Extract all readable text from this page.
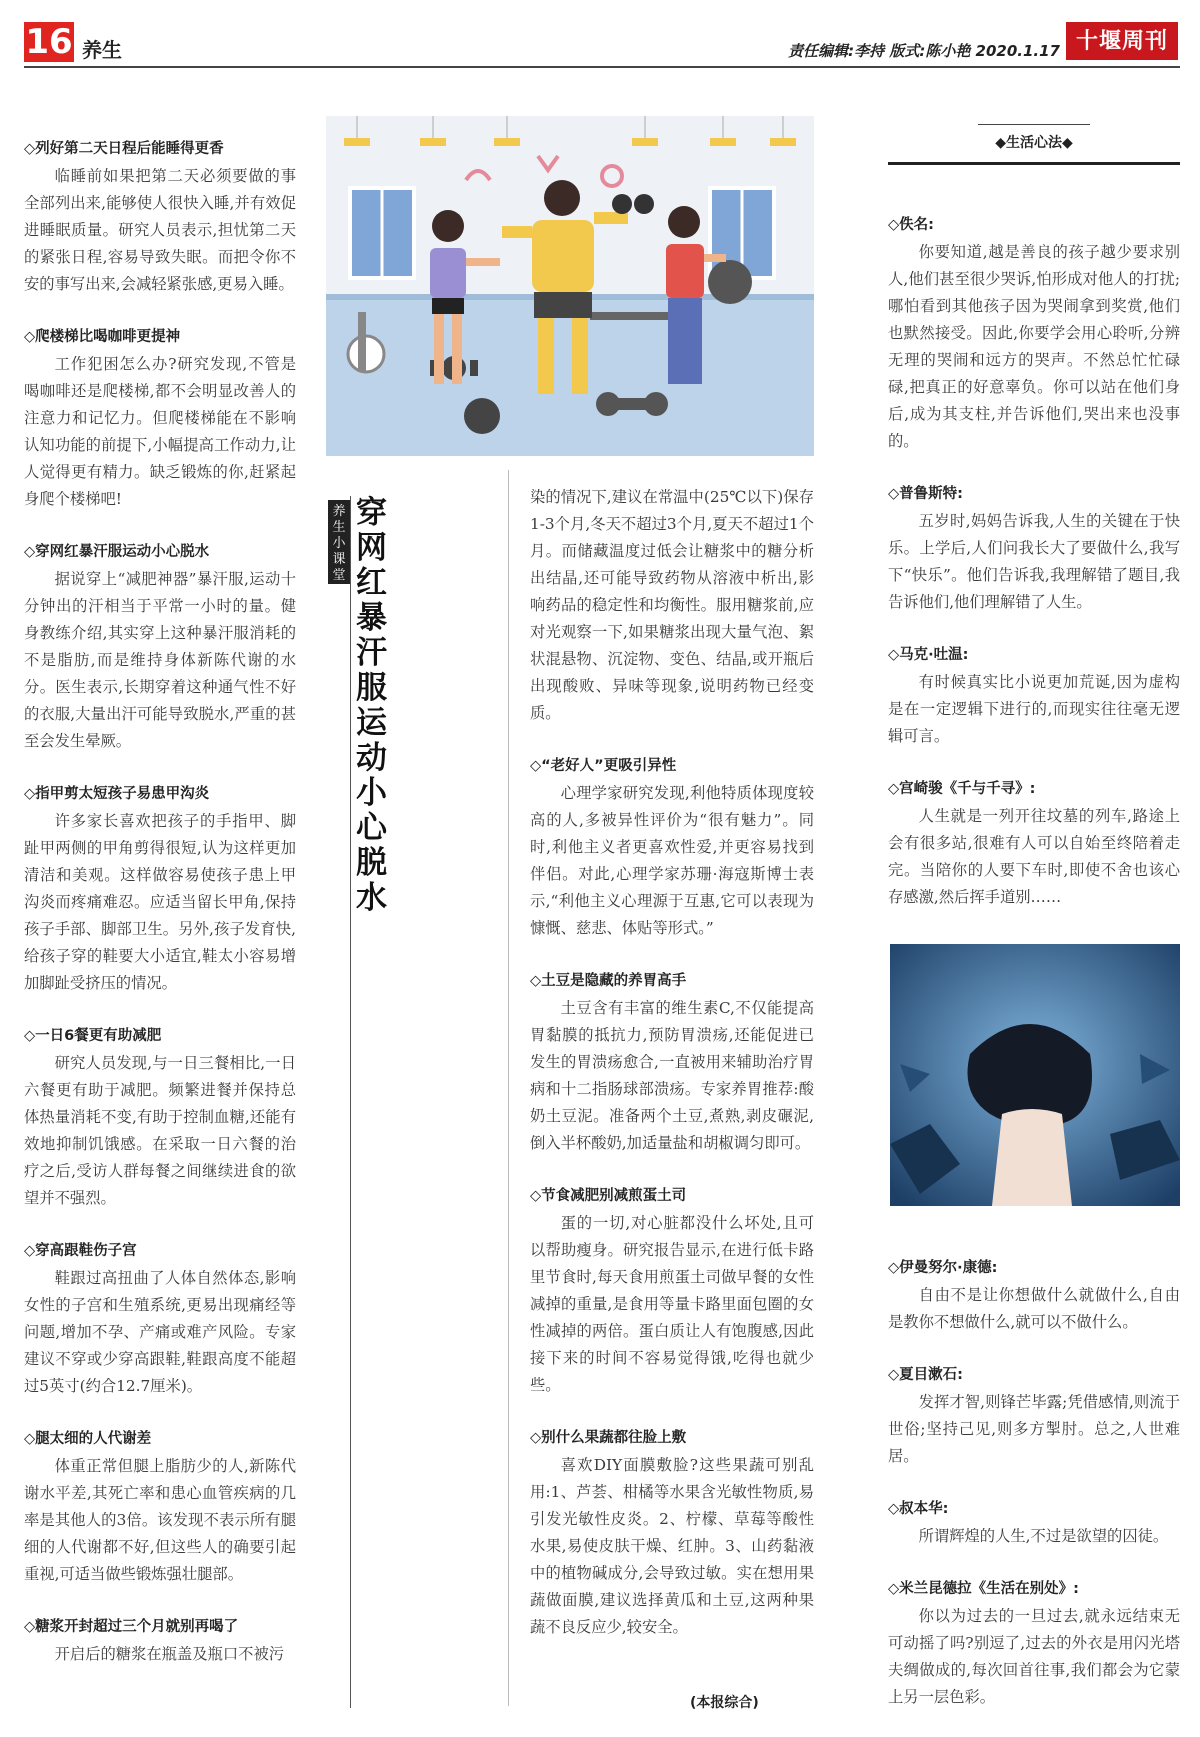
16 养生	责任编辑:李持 版式:陈小艳 2020.1.17 十堰周刊
◇列好第二天日程后能睡得更香

临睡前如果把第二天必须要做的事全部列出来,能够使人很快入睡,并有效促进睡眠质量。研究人员表示,担忧第二天的紧张日程,容易导致失眠。而把令你不安的事写出来,会减轻紧张感,更易入睡。

◇爬楼梯比喝咖啡更提神

工作犯困怎么办?研究发现,不管是喝咖啡还是爬楼梯,都不会明显改善人的注意力和记忆力。但爬楼梯能在不影响认知功能的前提下,小幅提高工作动力,让人觉得更有精力。缺乏锻炼的你,赶紧起身爬个楼梯吧!

◇穿网红暴汗服运动小心脱水

据说穿上“减肥神器”暴汗服,运动十分钟出的汗相当于平常一小时的量。健身教练介绍,其实穿上这种暴汗服消耗的不是脂肪,而是维持身体新陈代谢的水分。医生表示,长期穿着这种通气性不好的衣服,大量出汗可能导致脱水,严重的甚至会发生晕厥。

◇指甲剪太短孩子易患甲沟炎

许多家长喜欢把孩子的手指甲、脚趾甲两侧的甲角剪得很短,认为这样更加清洁和美观。这样做容易使孩子患上甲沟炎而疼痛难忍。应适当留长甲角,保持孩子手部、脚部卫生。另外,孩子发育快,给孩子穿的鞋要大小适宜,鞋太小容易增加脚趾受挤压的情况。

◇一日6餐更有助减肥

研究人员发现,与一日三餐相比,一日六餐更有助于减肥。频繁进餐并保持总体热量消耗不变,有助于控制血糖,还能有效地抑制饥饿感。在采取一日六餐的治疗之后,受访人群每餐之间继续进食的欲望并不强烈。

◇穿高跟鞋伤子宫

鞋跟过高扭曲了人体自然体态,影响女性的子宫和生殖系统,更易出现痛经等问题,增加不孕、产痛或难产风险。专家建议不穿或少穿高跟鞋,鞋跟高度不能超过5英寸(约合12.7厘米)。

◇腿太细的人代谢差

体重正常但腿上脂肪少的人,新陈代谢水平差,其死亡率和患心血管疾病的几率是其他人的3倍。该发现不表示所有腿细的人代谢都不好,但这些人的确要引起重视,可适当做些锻炼强壮腿部。

◇糖浆开封超过三个月就别再喝了

开启后的糖浆在瓶盖及瓶口不被污

养生小课堂
穿网红暴汗服运动小心脱水

染的情况下,建议在常温中(25℃以下)保存1-3个月,冬天不超过3个月,夏天不超过1个月。而储藏温度过低会让糖浆中的糖分析出结晶,还可能导致药物从溶液中析出,影响药品的稳定性和均衡性。服用糖浆前,应对光观察一下,如果糖浆出现大量气泡、絮状混悬物、沉淀物、变色、结晶,或开瓶后出现酸败、异味等现象,说明药物已经变质。

◇“老好人”更吸引异性

心理学家研究发现,利他特质体现度较高的人,多被异性评价为“很有魅力”。同时,利他主义者更喜欢性爱,并更容易找到伴侣。对此,心理学家苏珊·海寇斯博士表示,“利他主义心理源于互惠,它可以表现为慷慨、慈悲、体贴等形式。”

◇土豆是隐藏的养胃高手

土豆含有丰富的维生素C,不仅能提高胃黏膜的抵抗力,预防胃溃疡,还能促进已发生的胃溃疡愈合,一直被用来辅助治疗胃病和十二指肠球部溃疡。专家养胃推荐:酸奶土豆泥。准备两个土豆,煮熟,剥皮碾泥,倒入半杯酸奶,加适量盐和胡椒调匀即可。

◇节食减肥别减煎蛋土司

蛋的一切,对心脏都没什么坏处,且可以帮助瘦身。研究报告显示,在进行低卡路里节食时,每天食用煎蛋土司做早餐的女性减掉的重量,是食用等量卡路里面包圈的女性减掉的两倍。蛋白质让人有饱腹感,因此接下来的时间不容易觉得饿,吃得也就少些。

◇别什么果蔬都往脸上敷

喜欢DIY面膜敷脸?这些果蔬可别乱用:1、芦荟、柑橘等水果含光敏性物质,易引发光敏性皮炎。2、柠檬、草莓等酸性水果,易使皮肤干燥、红肿。3、山药黏液中的植物碱成分,会导致过敏。实在想用果蔬做面膜,建议选择黄瓜和土豆,这两种果蔬不良反应少,较安全。

(本报综合)
◆生活心法◆
◇佚名:

你要知道,越是善良的孩子越少要求别人,他们甚至很少哭诉,怕形成对他人的打扰;哪怕看到其他孩子因为哭闹拿到奖赏,他们也默然接受。因此,你要学会用心聆听,分辨无理的哭闹和远方的哭声。不然总忙忙碌碌,把真正的好意辜负。你可以站在他们身后,成为其支柱,并告诉他们,哭出来也没事的。

◇普鲁斯特:

五岁时,妈妈告诉我,人生的关键在于快乐。上学后,人们问我长大了要做什么,我写下“快乐”。他们告诉我,我理解错了题目,我告诉他们,他们理解错了人生。

◇马克·吐温:

有时候真实比小说更加荒诞,因为虚构是在一定逻辑下进行的,而现实往往毫无逻辑可言。

◇宫崎骏《千与千寻》:

人生就是一列开往坟墓的列车,路途上会有很多站,很难有人可以自始至终陪着走完。当陪你的人要下车时,即使不舍也该心存感激,然后挥手道别……

◇伊曼努尔·康德:

自由不是让你想做什么就做什么,自由是教你不想做什么,就可以不做什么。

◇夏目漱石:

发挥才智,则锋芒毕露;凭借感情,则流于世俗;坚持己见,则多方掣肘。总之,人世难居。

◇叔本华:

所谓辉煌的人生,不过是欲望的囚徒。

◇米兰昆德拉《生活在别处》:

你以为过去的一旦过去,就永远结束无可动摇了吗?别逗了,过去的外衣是用闪光塔夫绸做成的,每次回首往事,我们都会为它蒙上另一层色彩。
